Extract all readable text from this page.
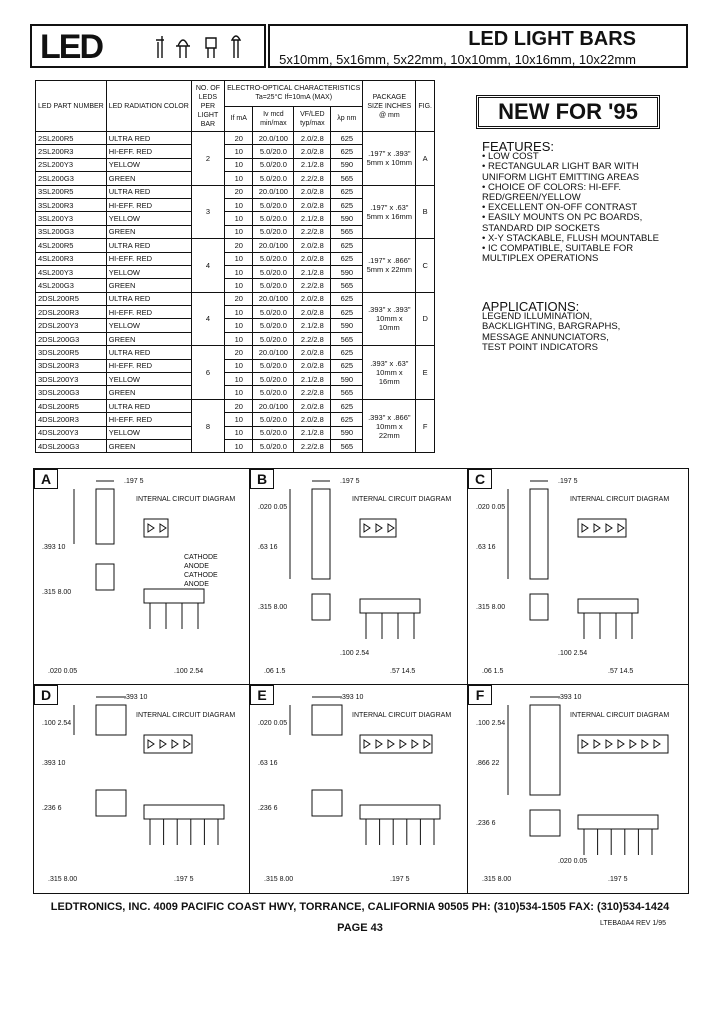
LED	LED LIGHT BARS
5x10mm, 5x16mm, 5x22mm, 10x10mm, 10x16mm, 10x22mm
LED PART NUMBER	LED RADIATION COLOR	NO. OF LEDS PER LIGHT BAR	ELECTRO-OPTICAL CHARACTERISTICS
Ta=25°C If=10mA (MAX)				PACKAGE SIZE INCHES @ mm	FIG.
			If mA	Iv mcd min/max	VF/LED typ/max	λp nm		
2SL200R5	ULTRA RED	2	20	20.0/100	2.0/2.8	625	.197" x .393" 5mm x 10mm	A
2SL200R3	HI-EFF. RED		10	5.0/20.0	2.0/2.8	625		
2SL200Y3	YELLOW		10	5.0/20.0	2.1/2.8	590		
2SL200G3	GREEN		10	5.0/20.0	2.2/2.8	565		
3SL200R5	ULTRA RED	3	20	20.0/100	2.0/2.8	625	.197" x .63" 5mm x 16mm	B
3SL200R3	HI-EFF. RED		10	5.0/20.0	2.0/2.8	625		
3SL200Y3	YELLOW		10	5.0/20.0	2.1/2.8	590		
3SL200G3	GREEN		10	5.0/20.0	2.2/2.8	565		
4SL200R5	ULTRA RED	4	20	20.0/100	2.0/2.8	625	.197" x .866" 5mm x 22mm	C
4SL200R3	HI-EFF. RED		10	5.0/20.0	2.0/2.8	625		
4SL200Y3	YELLOW		10	5.0/20.0	2.1/2.8	590		
4SL200G3	GREEN		10	5.0/20.0	2.2/2.8	565		
2DSL200R5	ULTRA RED	4	20	20.0/100	2.0/2.8	625	.393" x .393" 10mm x 10mm	D
2DSL200R3	HI-EFF. RED		10	5.0/20.0	2.0/2.8	625		
2DSL200Y3	YELLOW		10	5.0/20.0	2.1/2.8	590		
2DSL200G3	GREEN		10	5.0/20.0	2.2/2.8	565		
3DSL200R5	ULTRA RED	6	20	20.0/100	2.0/2.8	625	.393" x .63" 10mm x 16mm	E
3DSL200R3	HI-EFF. RED		10	5.0/20.0	2.0/2.8	625		
3DSL200Y3	YELLOW		10	5.0/20.0	2.1/2.8	590		
3DSL200G3	GREEN		10	5.0/20.0	2.2/2.8	565		
4DSL200R5	ULTRA RED	8	20	20.0/100	2.0/2.8	625	.393" x .866" 10mm x 22mm	F
4DSL200R3	HI-EFF. RED		10	5.0/20.0	2.0/2.8	625		
4DSL200Y3	YELLOW		10	5.0/20.0	2.1/2.8	590		
4DSL200G3	GREEN		10	5.0/20.0	2.2/2.8	565		
NEW FOR '95
FEATURES:
• LOW COST
• RECTANGULAR LIGHT BAR WITH UNIFORM LIGHT EMITTING AREAS
• CHOICE OF COLORS: HI-EFF. RED/GREEN/YELLOW
• EXCELLENT ON-OFF CONTRAST
• EASILY MOUNTS ON PC BOARDS, STANDARD DIP SOCKETS
• X-Y STACKABLE, FLUSH MOUNTABLE
• IC COMPATIBLE, SUITABLE FOR MULTIPLEX OPERATIONS
APPLICATIONS:
LEGEND ILLUMINATION,
BACKLIGHTING, BARGRAPHS,
MESSAGE ANNUNCIATORS,
TEST POINT INDICATORS
A
INTERNAL CIRCUIT DIAGRAM
.197 5
.393 10
.315 8.00
.020 0.05	.100 2.54
CATHODE
ANODE
CATHODE
ANODE
B
INTERNAL CIRCUIT DIAGRAM
.197 5
.63 16
.315 8.00
.06 1.5	.57 14.5
.020 0.05
.100 2.54
C
INTERNAL CIRCUIT DIAGRAM
.197 5
.63 16
.315 8.00
.06 1.5	.57 14.5
.020 0.05
.100 2.54
D
INTERNAL CIRCUIT DIAGRAM
.393 10
.393 10
.236 6
.315 8.00	.197 5
.100 2.54
E
INTERNAL CIRCUIT DIAGRAM
.393 10
.63 16
.236 6
.315 8.00	.197 5
.020 0.05
F
INTERNAL CIRCUIT DIAGRAM
.393 10
.866 22
.236 6
.315 8.00	.197 5
.100 2.54
.020 0.05
LEDTRONICS, INC. 4009 PACIFIC COAST HWY, TORRANCE, CALIFORNIA 90505 PH: (310)534-1505 FAX: (310)534-1424
PAGE 43	LTEBA0A4 REV 1/95
